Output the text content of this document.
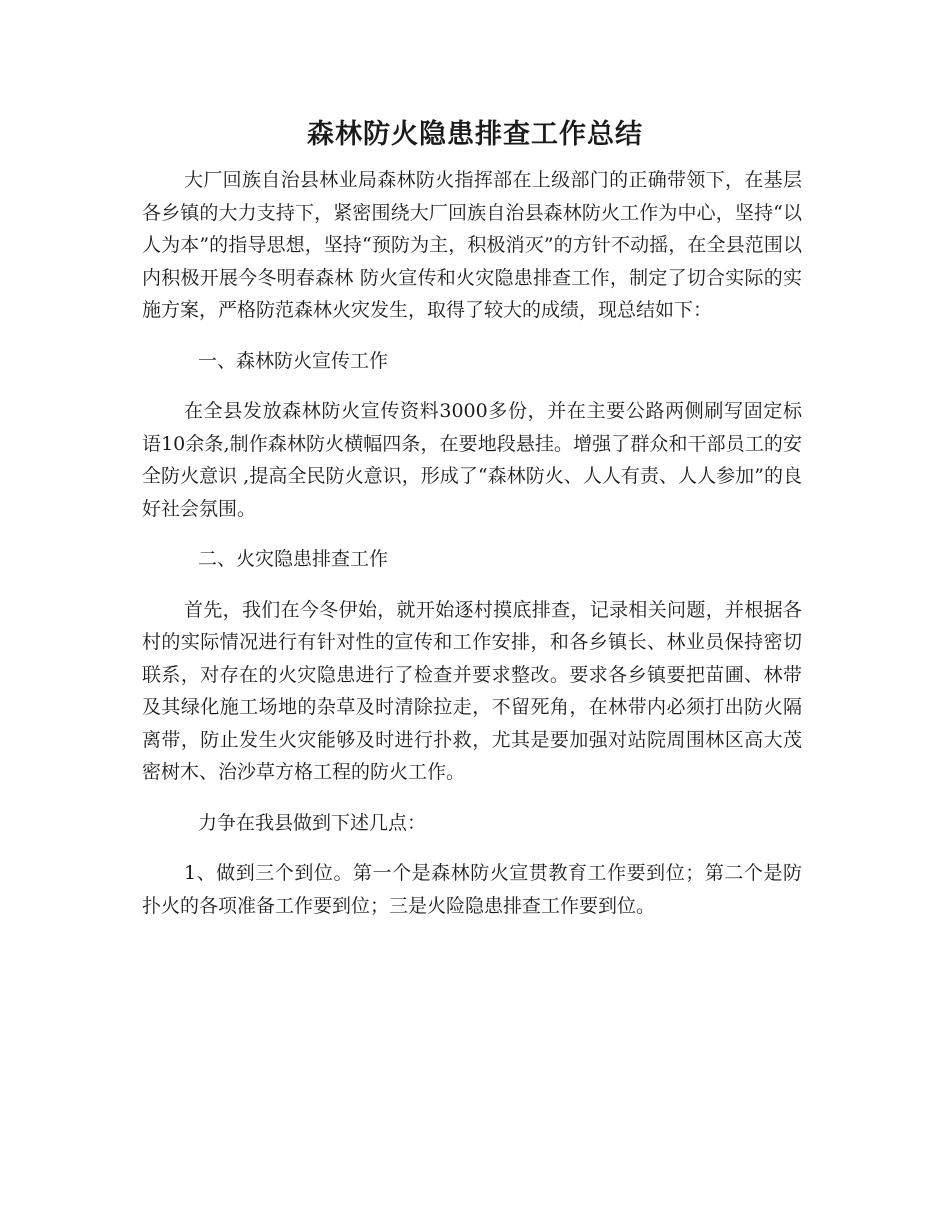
森林防火隐患排查工作总结

大厂回族自治县林业局森林防火指挥部在上级部门的正确带领下，在基层各乡镇的大力支持下，紧密围绕大厂回族自治县森林防火工作为中心，坚持“以人为本”的指导思想，坚持“预防为主，积极消灭”的方针不动摇，在全县范围以内积极开展今冬明春森林 防火宣传和火灾隐患排查工作，制定了切合实际的实施方案，严格防范森林火灾发生，取得了较大的成绩，现总结如下：

一、森林防火宣传工作

在全县发放森林防火宣传资料3000多份，并在主要公路两侧刷写固定标语10余条,制作森林防火横幅四条，在要地段悬挂。增强了群众和干部员工的安全防火意识 ,提高全民防火意识，形成了“森林防火、人人有责、人人参加”的良好社会氛围。

二、火灾隐患排查工作

首先，我们在今冬伊始，就开始逐村摸底排查，记录相关问题，并根据各村的实际情况进行有针对性的宣传和工作安排，和各乡镇长、林业员保持密切联系，对存在的火灾隐患进行了检查并要求整改。要求各乡镇要把苗圃、林带及其绿化施工场地的杂草及时清除拉走，不留死角，在林带内必须打出防火隔离带，防止发生火灾能够及时进行扑救，尤其是要加强对站院周围林区高大茂密树木、治沙草方格工程的防火工作。

力争在我县做到下述几点：

1、做到三个到位。第一个是森林防火宣贯教育工作要到位；第二个是防扑火的各项准备工作要到位；三是火险隐患排查工作要到位。
